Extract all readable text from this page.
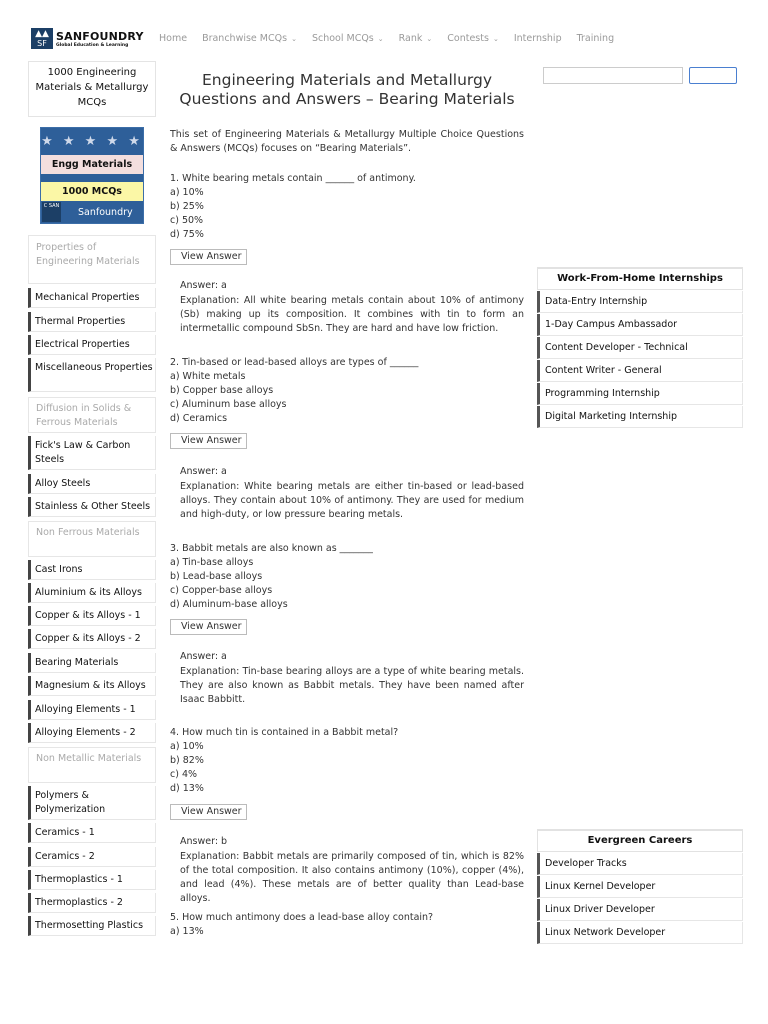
▲▲
SF
SANFOUNDRY
Global Education & Learning
Home Branchwise MCQs ⌄ School MCQs ⌄ Rank ⌄ Contests ⌄ Internship Training
1000 Engineering Materials & Metallurgy MCQs
★ ★ ★ ★ ★
Engg Materials
1000 MCQs
C SAN
Sanfoundry
Properties of Engineering Materials
Mechanical Properties
Thermal Properties
Electrical Properties
Miscellaneous Properties
Diffusion in Solids & Ferrous Materials
Fick's Law & Carbon Steels
Alloy Steels
Stainless & Other Steels
Non Ferrous Materials
Cast Irons
Aluminium & its Alloys
Copper & its Alloys - 1
Copper & its Alloys - 2
Bearing Materials
Magnesium & its Alloys
Alloying Elements - 1
Alloying Elements - 2
Non Metallic Materials
Polymers & Polymerization
Ceramics - 1
Ceramics - 2
Thermoplastics - 1
Thermoplastics - 2
Thermosetting Plastics
Engineering Materials and Metallurgy Questions and Answers – Bearing Materials
This set of Engineering Materials & Metallurgy Multiple Choice Questions & Answers (MCQs) focuses on “Bearing Materials”.
1. White bearing metals contain ______ of antimony.
a) 10%
b) 25%
c) 50%
d) 75%
View Answer
Answer: a
Explanation: All white bearing metals contain about 10% of antimony (Sb) making up its composition. It combines with tin to form an intermetallic compound SbSn. They are hard and have low friction.
2. Tin-based or lead-based alloys are types of ______
a) White metals
b) Copper base alloys
c) Aluminum base alloys
d) Ceramics
View Answer
Answer: a
Explanation: White bearing metals are either tin-based or lead-based alloys. They contain about 10% of antimony. They are used for medium and high-duty, or low pressure bearing metals.
3. Babbit metals are also known as _______
a) Tin-base alloys
b) Lead-base alloys
c) Copper-base alloys
d) Aluminum-base alloys
View Answer
Answer: a
Explanation: Tin-base bearing alloys are a type of white bearing metals. They are also known as Babbit metals. They have been named after Isaac Babbitt.
4. How much tin is contained in a Babbit metal?
a) 10%
b) 82%
c) 4%
d) 13%
View Answer
Answer: b
Explanation: Babbit metals are primarily composed of tin, which is 82% of the total composition. It also contains antimony (10%), copper (4%), and lead (4%). These metals are of better quality than Lead-base alloys.
5. How much antimony does a lead-base alloy contain?
a) 13%
Work-From-Home Internships
Data-Entry Internship
1-Day Campus Ambassador
Content Developer - Technical
Content Writer - General
Programming Internship
Digital Marketing Internship
Evergreen Careers
Developer Tracks
Linux Kernel Developer
Linux Driver Developer
Linux Network Developer
